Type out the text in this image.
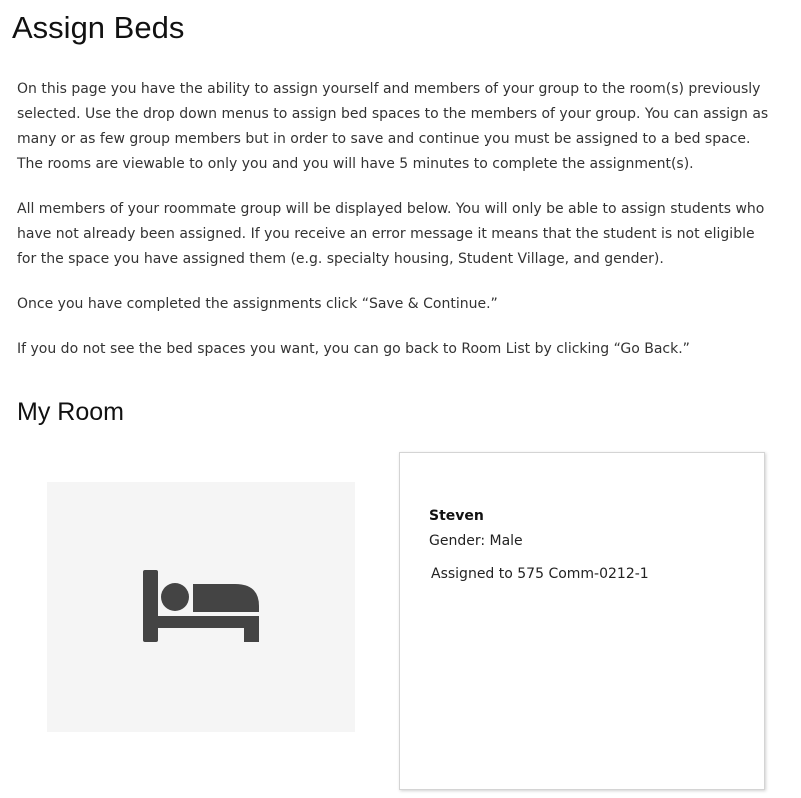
Assign Beds

On this page you have the ability to assign yourself and members of your group to the room(s) previously selected. Use the drop down menus to assign bed spaces to the members of your group. You can assign as many or as few group members but in order to save and continue you must be assigned to a bed space. The rooms are viewable to only you and you will have 5 minutes to complete the assignment(s).

All members of your roommate group will be displayed below. You will only be able to assign students who have not already been assigned. If you receive an error message it means that the student is not eligible for the space you have assigned them (e.g. specialty housing, Student Village, and gender).

Once you have completed the assignments click “Save & Continue.”

If you do not see the bed spaces you want, you can go back to Room List by clicking “Go Back.”

My Room
Steven
Gender: Male
Assigned to 575 Comm-0212-1
